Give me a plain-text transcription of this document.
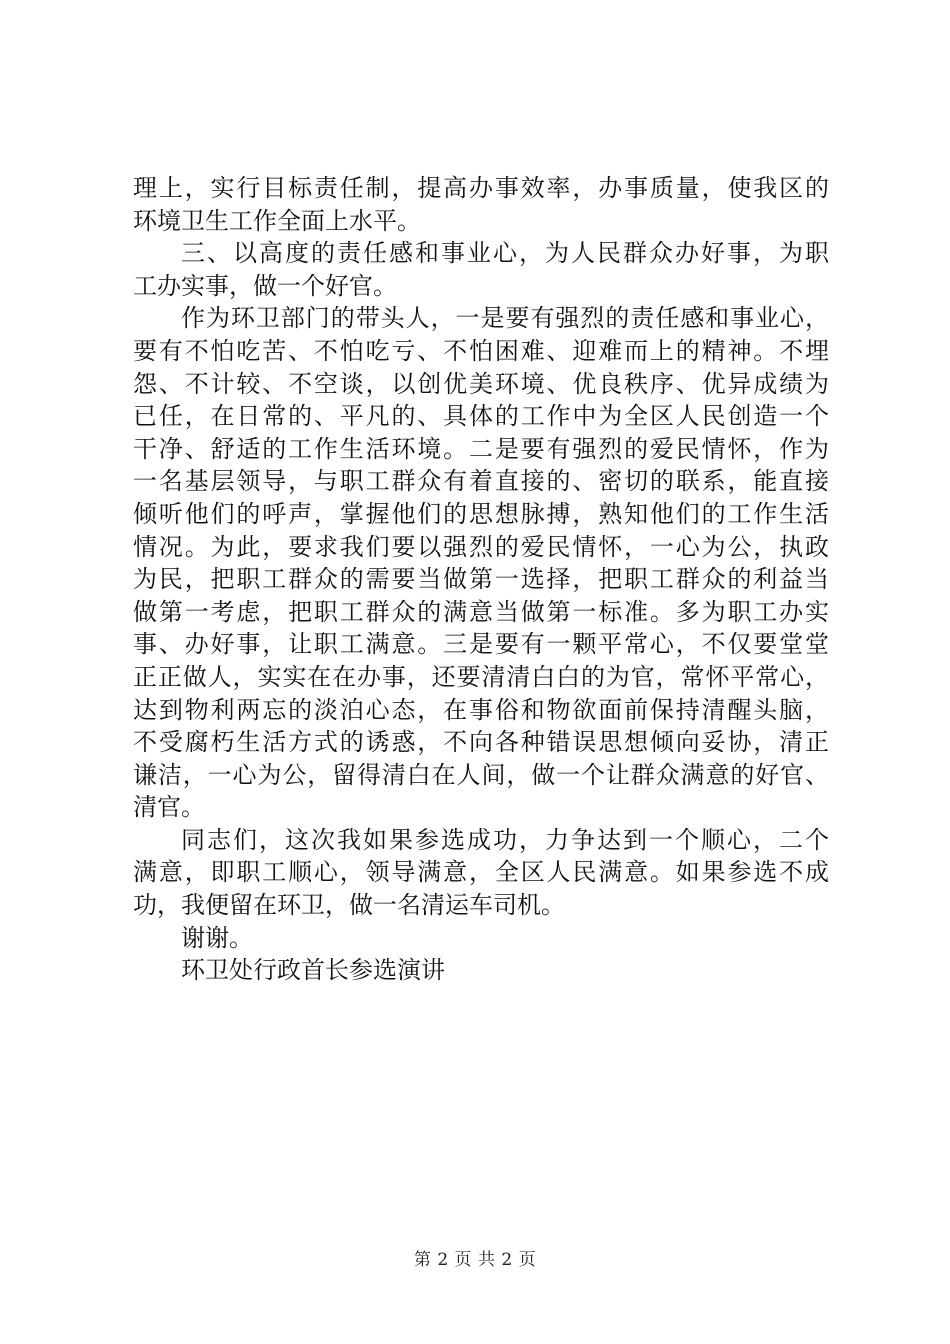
理上，实行目标责任制，提高办事效率，办事质量，使我区的
环境卫生工作全面上水平。
三、以高度的责任感和事业心，为人民群众办好事，为职
工办实事，做一个好官。
作为环卫部门的带头人，一是要有强烈的责任感和事业心，
要有不怕吃苦、不怕吃亏、不怕困难、迎难而上的精神。不埋
怨、不计较、不空谈，以创优美环境、优良秩序、优异成绩为
已任，在日常的、平凡的、具体的工作中为全区人民创造一个
干净、舒适的工作生活环境。二是要有强烈的爱民情怀，作为
一名基层领导，与职工群众有着直接的、密切的联系，能直接
倾听他们的呼声，掌握他们的思想脉搏，熟知他们的工作生活
情况。为此，要求我们要以强烈的爱民情怀，一心为公，执政
为民，把职工群众的需要当做第一选择，把职工群众的利益当
做第一考虑，把职工群众的满意当做第一标准。多为职工办实
事、办好事，让职工满意。三是要有一颗平常心，不仅要堂堂
正正做人，实实在在办事，还要清清白白的为官，常怀平常心，
达到物利两忘的淡泊心态，在事俗和物欲面前保持清醒头脑，
不受腐朽生活方式的诱惑，不向各种错误思想倾向妥协，清正
谦洁，一心为公，留得清白在人间，做一个让群众满意的好官、
清官。
同志们，这次我如果参选成功，力争达到一个顺心，二个
满意，即职工顺心，领导满意，全区人民满意。如果参选不成
功，我便留在环卫，做一名清运车司机。
谢谢。
环卫处行政首长参选演讲
第 2 页 共 2 页
